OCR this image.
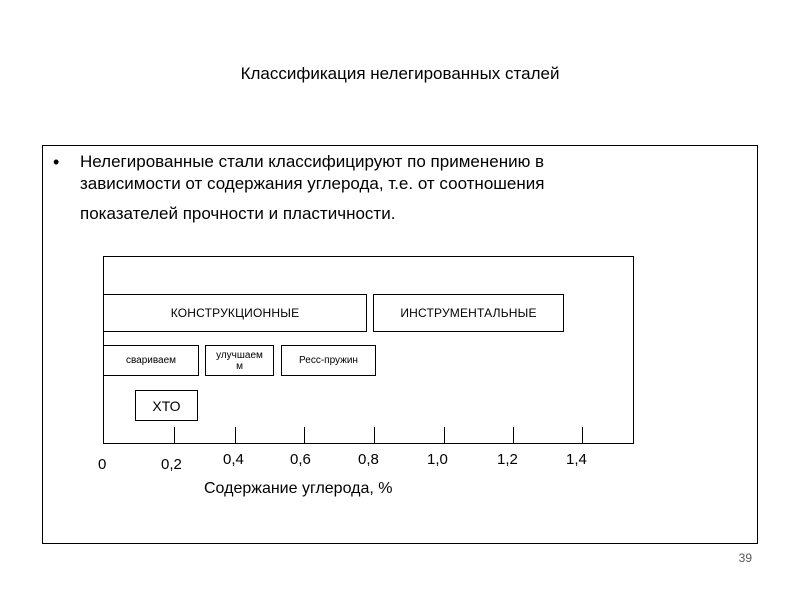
Классификация нелегированных сталей
• Нелегированные стали классифицируют по применению в
зависимости от содержания углерода, т.е. от соотношения
показателей прочности и пластичности.
КОНСТРУКЦИОННЫЕ	ИНСТРУМЕНТАЛЬНЫЕ
свариваем	улучшаем
м	Ресс-пружин
ХТО
0	0,2	0,4	0,6	0,8	1,0	1,2	1,4
Содержание углерода, %
39
